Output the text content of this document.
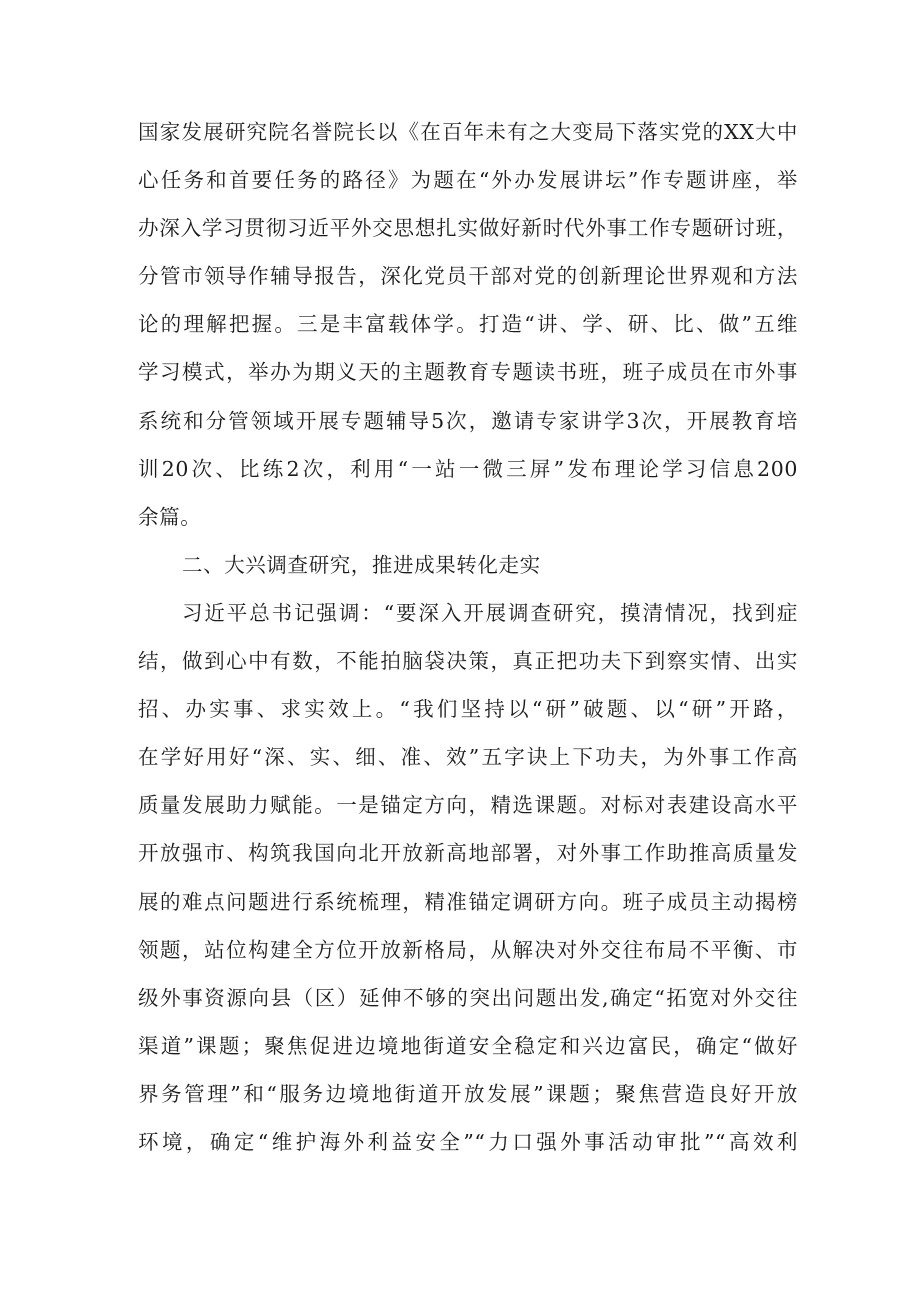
国家发展研究院名誉院长以《在百年未有之大变局下落实党的XX大中
心任务和首要任务的路径》为题在“外办发展讲坛”作专题讲座，举
办深入学习贯彻习近平外交思想扎实做好新时代外事工作专题研讨班，
分管市领导作辅导报告，深化党员干部对党的创新理论世界观和方法
论的理解把握。三是丰富载体学。打造“讲、学、研、比、做”五维
学习模式，举办为期义天的主题教育专题读书班，班子成员在市外事
系统和分管领域开展专题辅导5次，邀请专家讲学3次，开展教育培
训20次、比练2次，利用“一站一微三屏”发布理论学习信息200
余篇。
二、大兴调查研究，推进成果转化走实
习近平总书记强调：“要深入开展调查研究，摸清情况，找到症
结，做到心中有数，不能拍脑袋决策，真正把功夫下到察实情、出实
招、办实事、求实效上。“我们坚持以“研”破题、以“研”开路，
在学好用好“深、实、细、准、效”五字诀上下功夫，为外事工作高
质量发展助力赋能。一是锚定方向，精选课题。对标对表建设高水平
开放强市、构筑我国向北开放新高地部署，对外事工作助推高质量发
展的难点问题进行系统梳理，精准锚定调研方向。班子成员主动揭榜
领题，站位构建全方位开放新格局，从解决对外交往布局不平衡、市
级外事资源向县（区）延伸不够的突出问题出发,确定“拓宽对外交往
渠道”课题；聚焦促进边境地街道安全稳定和兴边富民，确定“做好
界务管理”和“服务边境地街道开放发展”课题；聚焦营造良好开放
环境，确定“维护海外利益安全”“力口强外事活动审批”“高效利
